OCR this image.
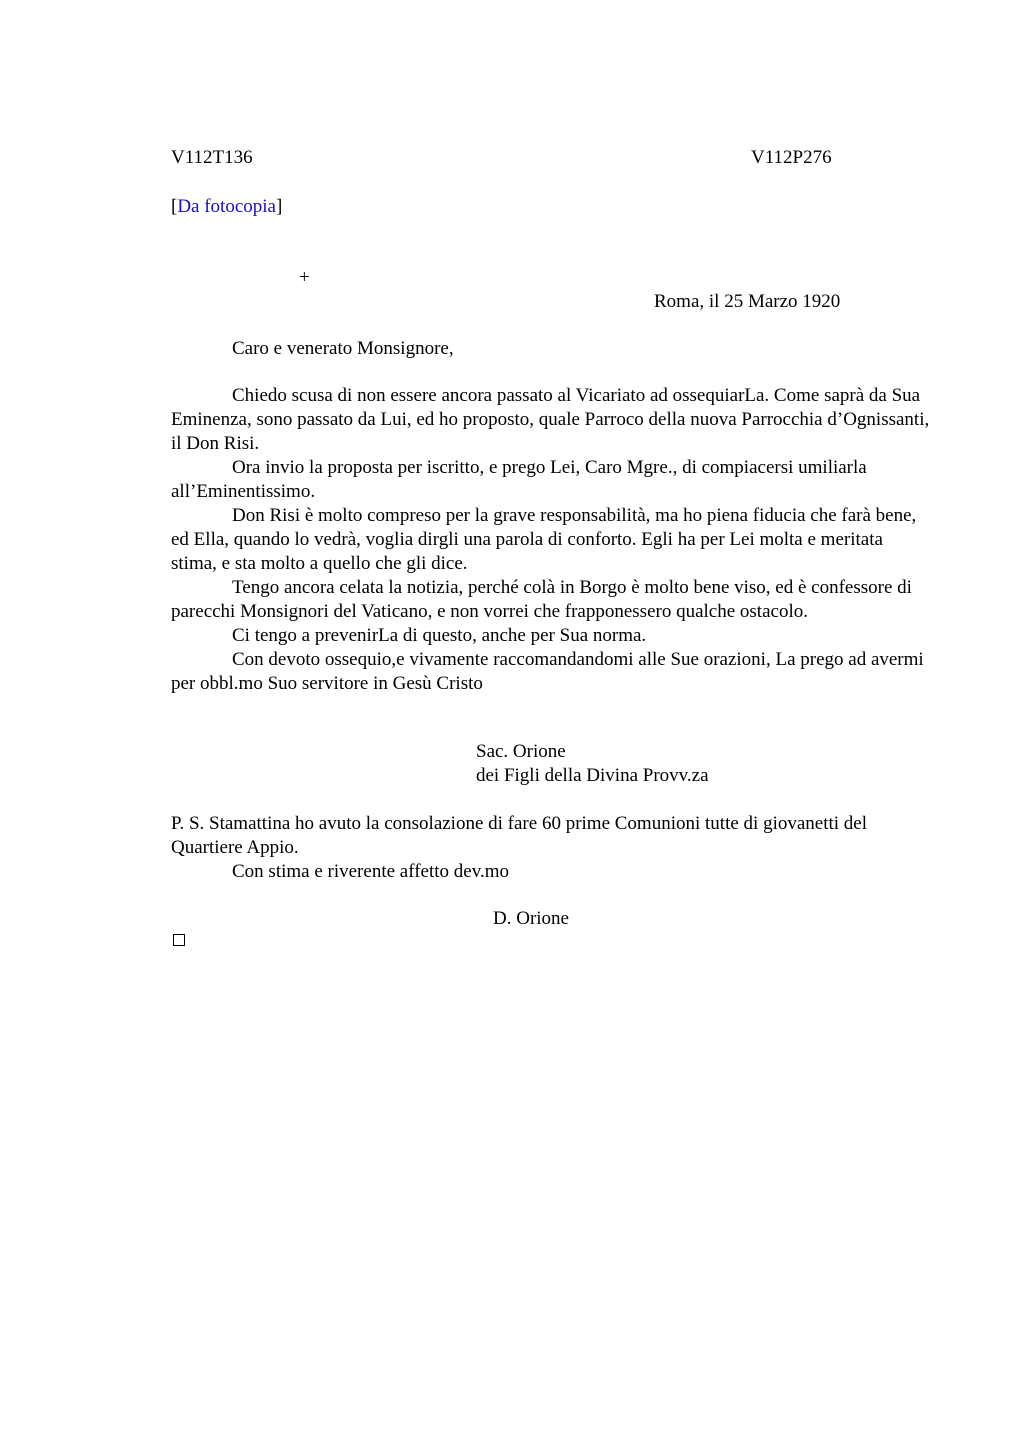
V112T136	V112P276
[Da fotocopia]
+
Roma, il 25 Marzo 1920
Caro e venerato Monsignore,

Chiedo scusa di non essere ancora passato al Vicariato ad ossequiarLa. Come saprà da Sua Eminenza, sono passato da Lui, ed ho proposto, quale Parroco della nuova Parrocchia d’Ognissanti, il Don Risi.

Ora invio la proposta per iscritto, e prego Lei, Caro Mgre., di compiacersi umiliarla all’Eminentissimo.

Don Risi è molto compreso per la grave responsabilità, ma ho piena fiducia che farà bene, ed Ella, quando lo vedrà, voglia dirgli una parola di conforto. Egli ha per Lei molta e meritata stima, e sta molto a quello che gli dice.

Tengo ancora celata la notizia, perché colà in Borgo è molto bene viso, ed è confessore di parecchi Monsignori del Vaticano, e non vorrei che frapponessero qualche ostacolo.

Ci tengo a prevenirLa di questo, anche per Sua norma.

Con devoto ossequio,e vivamente raccomandandomi alle Sue orazioni, La prego ad avermi per obbl.mo Suo servitore in Gesù Cristo

Sac. Orione
dei Figli della Divina Provv.za

P. S. Stamattina ho avuto la consolazione di fare 60 prime Comunioni tutte di giovanetti del Quartiere Appio.

Con stima e riverente affetto dev.mo

D. Orione
